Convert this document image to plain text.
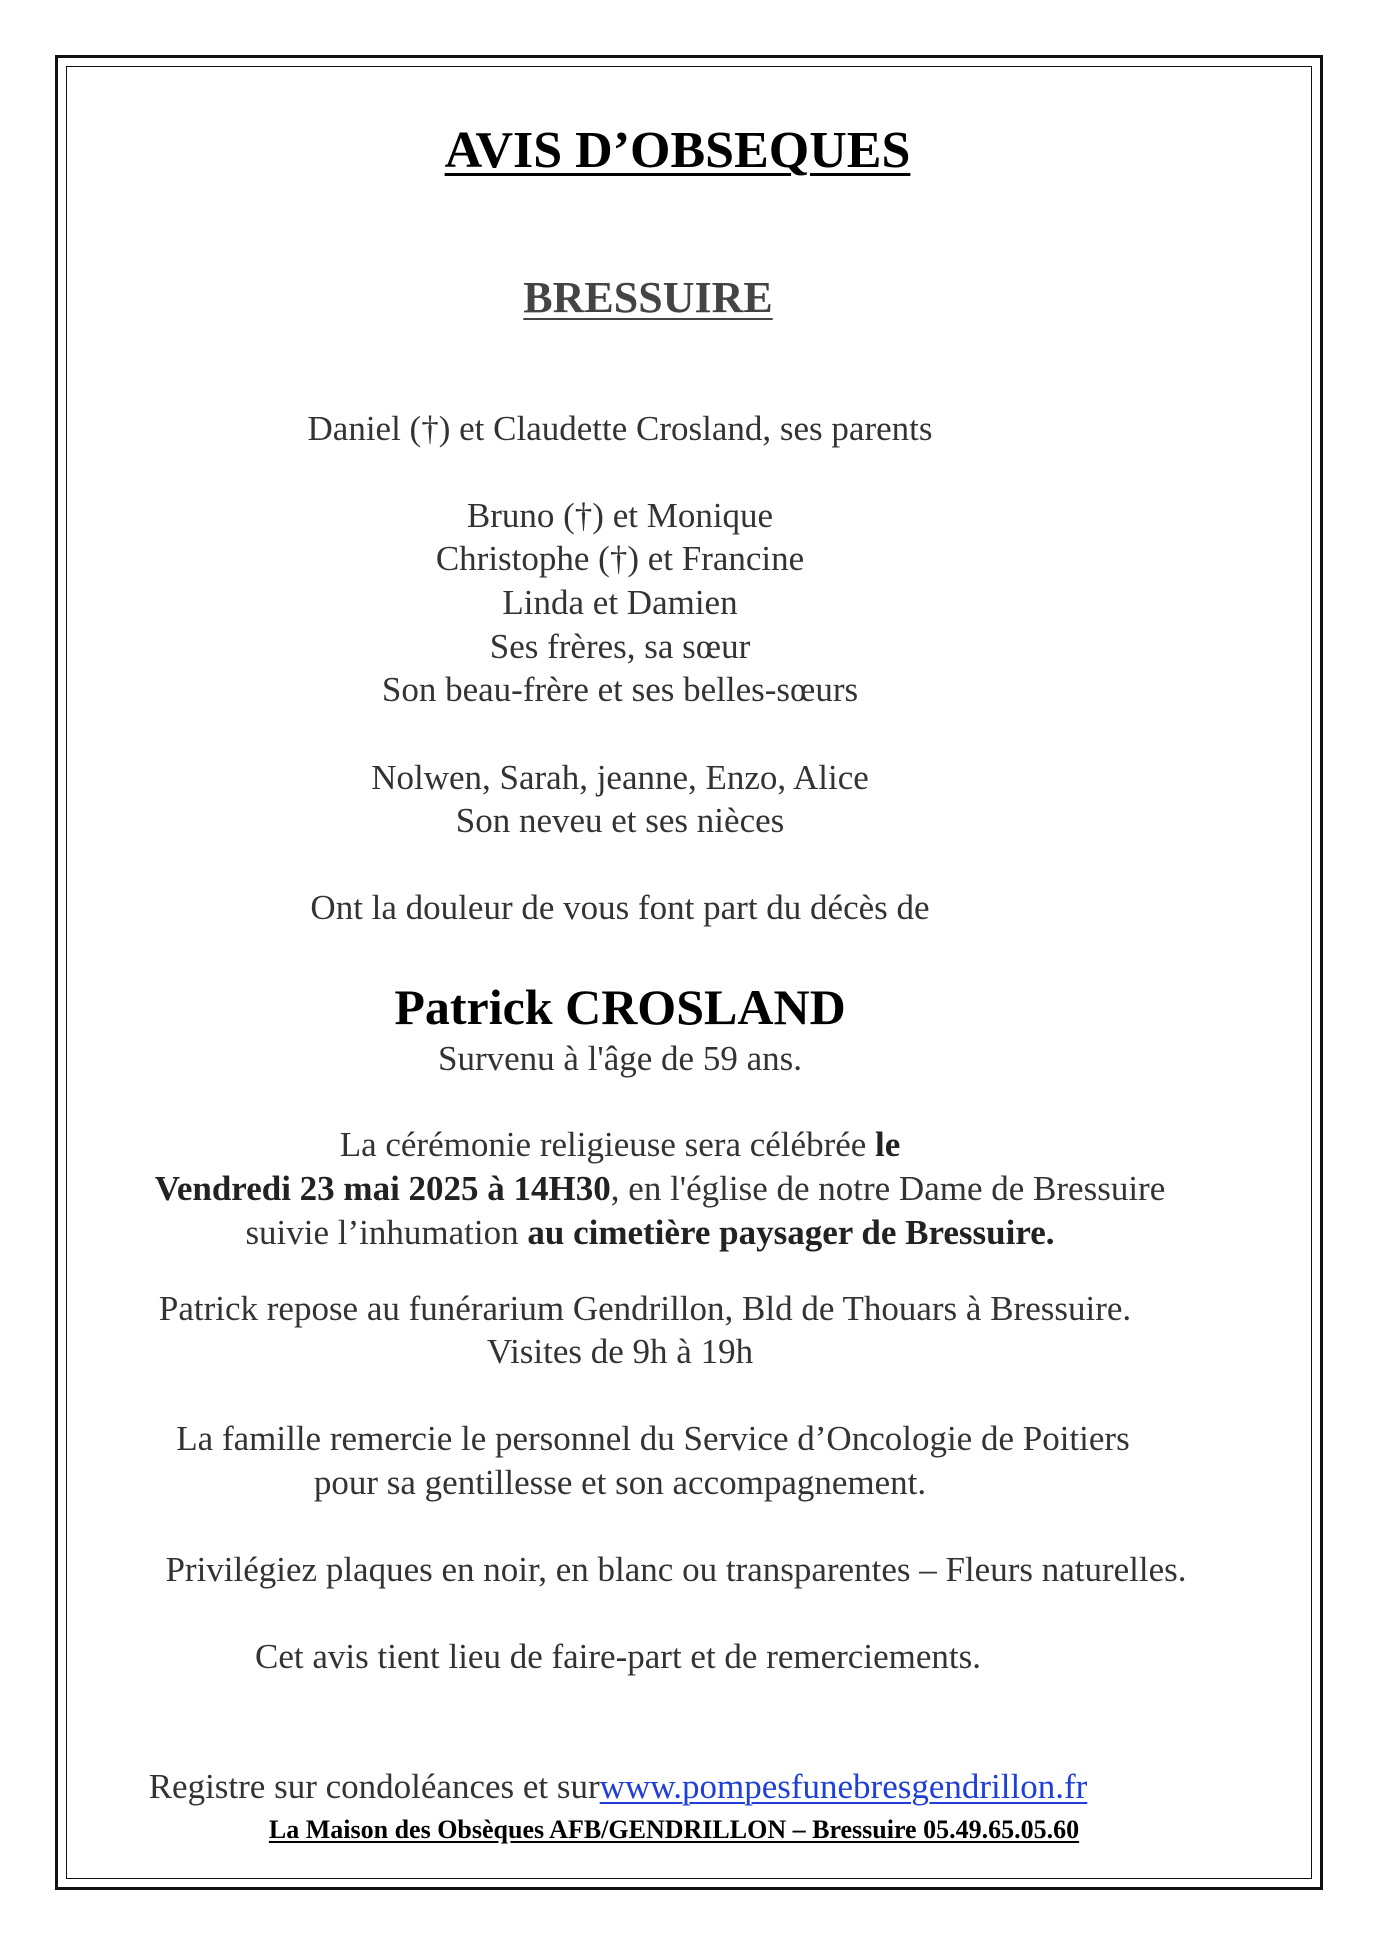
AVIS D’OBSEQUES
BRESSUIRE
Daniel (†) et Claudette Crosland, ses parents
Bruno (†) et Monique
Christophe (†) et Francine
Linda et Damien
Ses frères, sa sœur
Son beau-frère et ses belles-sœurs
Nolwen, Sarah, jeanne, Enzo, Alice
Son neveu et ses nièces
Ont la douleur de vous font part du décès de
Patrick CROSLAND
Survenu à l'âge de 59 ans.
La cérémonie religieuse sera célébrée le
Vendredi 23 mai 2025 à 14H30, en l'église de notre Dame de Bressuire
suivie l’inhumation au cimetière paysager de Bressuire.
Patrick repose au funérarium Gendrillon, Bld de Thouars à Bressuire.
Visites de 9h à 19h
La famille remercie le personnel du Service d’Oncologie de Poitiers
pour sa gentillesse et son accompagnement.
Privilégiez plaques en noir, en blanc ou transparentes – Fleurs naturelles.
Cet avis tient lieu de faire-part et de remerciements.
Registre sur condoléances et surwww.pompesfunebresgendrillon.fr
La Maison des Obsèques AFB/GENDRILLON – Bressuire 05.49.65.05.60
